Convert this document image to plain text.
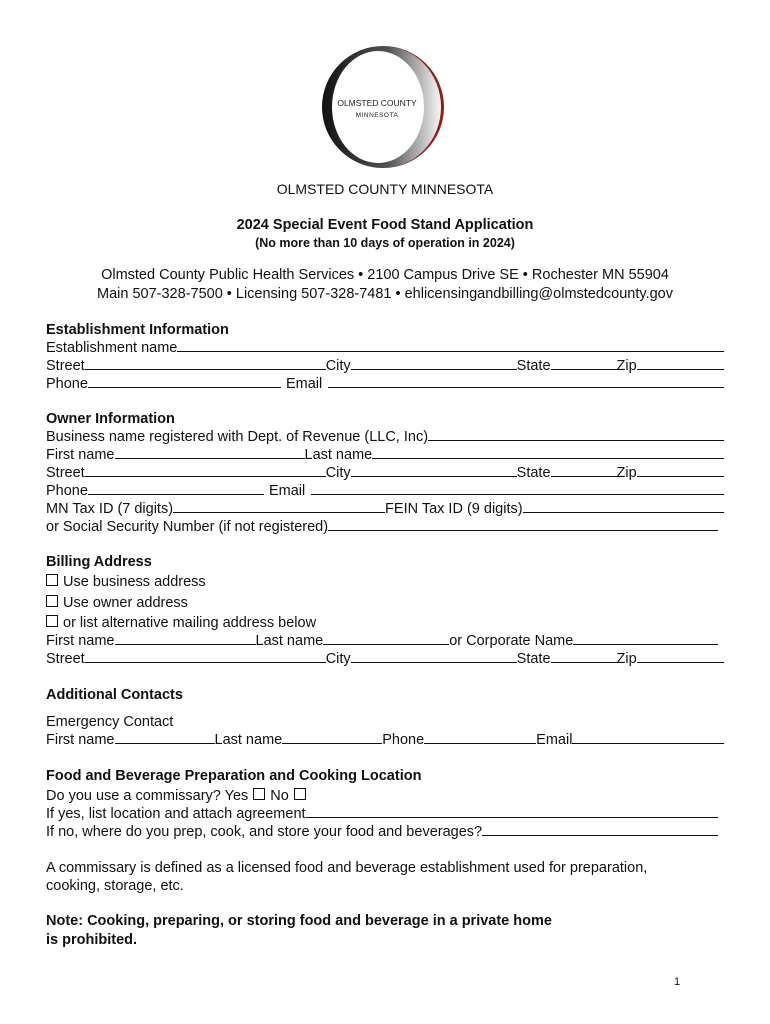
OLMSTED COUNTY
MINNESOTA
OLMSTED COUNTY MINNESOTA
2024 Special Event Food Stand Application
(No more than 10 days of operation in 2024)
Olmsted County Public Health Services • 2100 Campus Drive SE • Rochester MN 55904
Main 507-328-7500 • Licensing 507-328-7481 • ehlicensingandbilling@olmstedcounty.gov
Establishment Information
Establishment name
Street	City	State	Zip
Phone	Email
Owner Information
Business name registered with Dept. of Revenue (LLC, Inc)
First name	Last name
Street	City	State	Zip
Phone	Email
MN Tax ID (7 digits)	FEIN Tax ID (9 digits)
or Social Security Number (if not registered)
Billing Address
Use business address
Use owner address
or list alternative mailing address below
First name	Last name	or Corporate Name
Street	City	State	Zip
Additional Contacts
Emergency Contact
First name	Last name	Phone	Email
Food and Beverage Preparation and Cooking Location
Do you use a commissary? Yes No
If yes, list location and attach agreement
If no, where do you prep, cook, and store your food and beverages?
A commissary is defined as a licensed food and beverage establishment used for preparation,
cooking, storage, etc.
Note: Cooking, preparing, or storing food and beverage in a private home
is prohibited.
1
